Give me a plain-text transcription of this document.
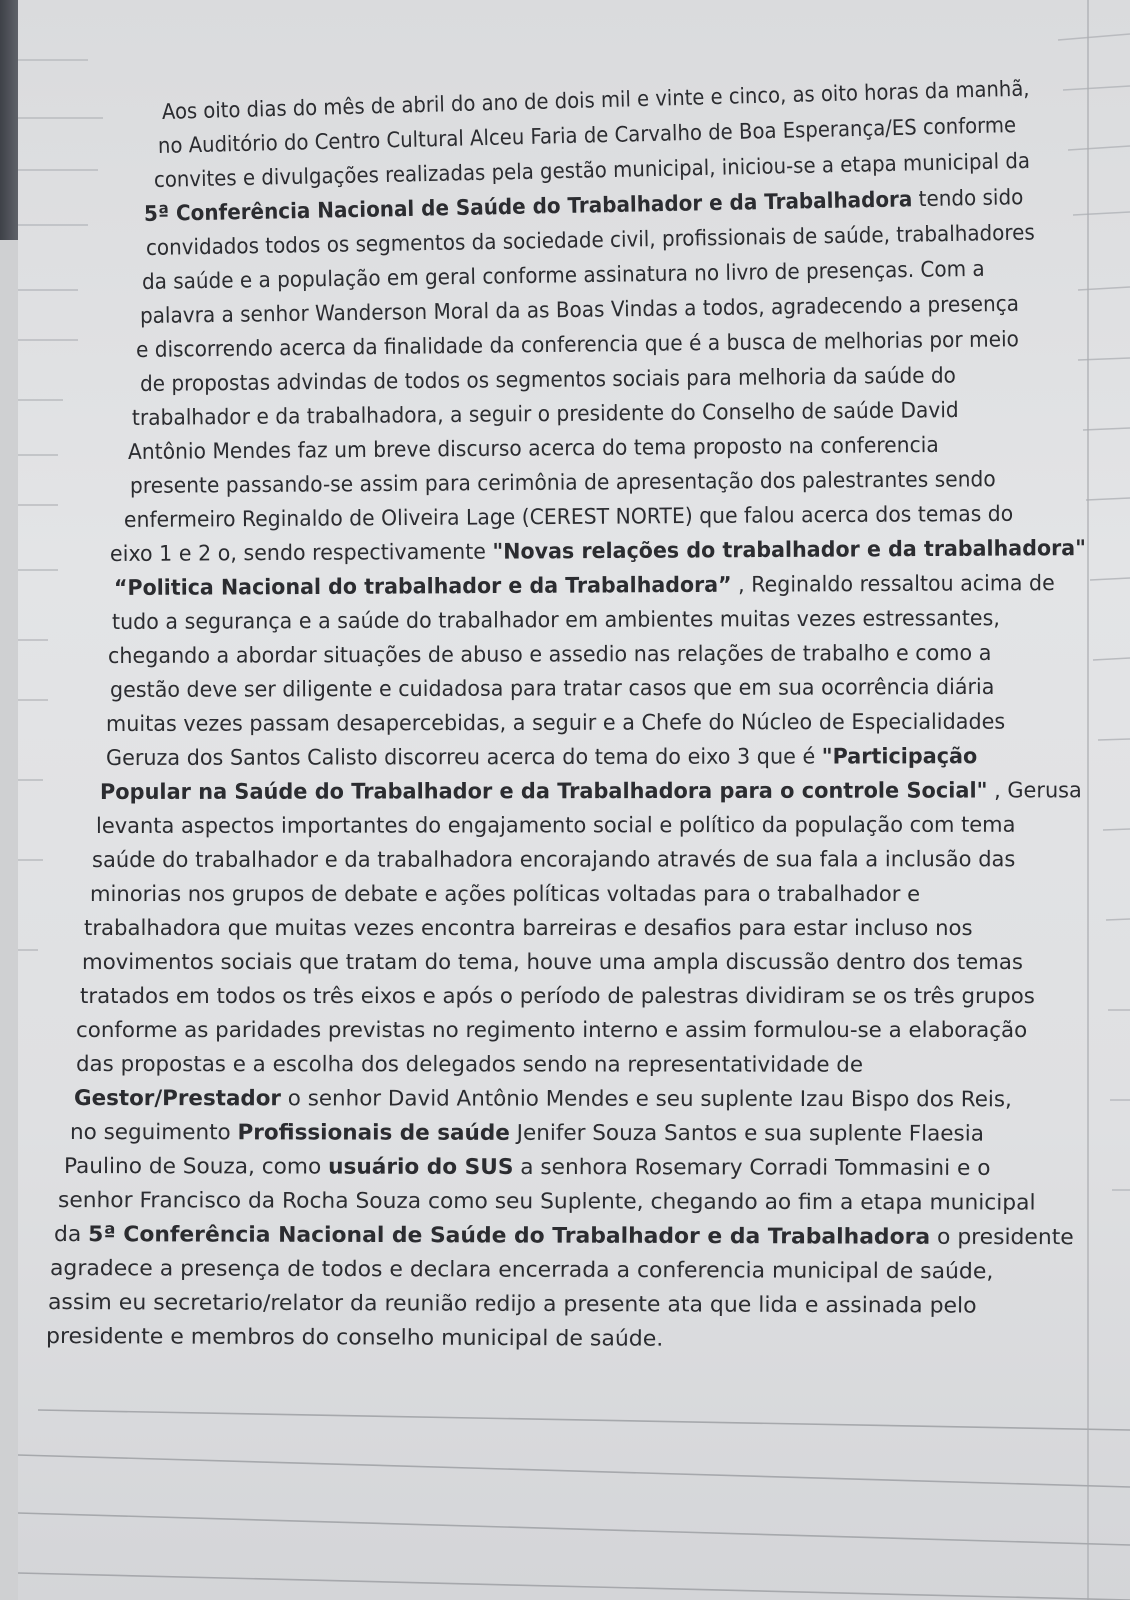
Aos oito dias do mês de abril do ano de dois mil e vinte e cinco, as oito horas da manhã,
no Auditório do Centro Cultural Alceu Faria de Carvalho de Boa Esperança/ES conforme
convites e divulgações realizadas pela gestão municipal, iniciou-se a etapa municipal da
5ª Conferência Nacional de Saúde do Trabalhador e da Trabalhadora tendo sido
convidados todos os segmentos da sociedade civil, profissionais de saúde, trabalhadores
da saúde e a população em geral conforme assinatura no livro de presenças. Com a
palavra a senhor Wanderson Moral da as Boas Vindas a todos, agradecendo a presença
e discorrendo acerca da finalidade da conferencia que é a busca de melhorias por meio
de propostas advindas de todos os segmentos sociais para melhoria da saúde do
trabalhador e da trabalhadora, a seguir o presidente do Conselho de saúde David
Antônio Mendes faz um breve discurso acerca do tema proposto na conferencia
presente passando-se assim para cerimônia de apresentação dos palestrantes sendo
enfermeiro Reginaldo de Oliveira Lage (CEREST NORTE) que falou acerca dos temas do
eixo 1 e 2 o, sendo respectivamente "Novas relações do trabalhador e da trabalhadora"
“Politica Nacional do trabalhador e da Trabalhadora” , Reginaldo ressaltou acima de
tudo a segurança e a saúde do trabalhador em ambientes muitas vezes estressantes,
chegando a abordar situações de abuso e assedio nas relações de trabalho e como a
gestão deve ser diligente e cuidadosa para tratar casos que em sua ocorrência diária
muitas vezes passam desapercebidas, a seguir e a Chefe do Núcleo de Especialidades
Geruza dos Santos Calisto discorreu acerca do tema do eixo 3 que é "Participação
Popular na Saúde do Trabalhador e da Trabalhadora para o controle Social" , Gerusa
levanta aspectos importantes do engajamento social e político da população com tema
saúde do trabalhador e da trabalhadora encorajando através de sua fala a inclusão das
minorias nos grupos de debate e ações políticas voltadas para o trabalhador e
trabalhadora que muitas vezes encontra barreiras e desafios para estar incluso nos
movimentos sociais que tratam do tema, houve uma ampla discussão dentro dos temas
tratados em todos os três eixos e após o período de palestras dividiram se os três grupos
conforme as paridades previstas no regimento interno e assim formulou-se a elaboração
das propostas e a escolha dos delegados sendo na representatividade de
Gestor/Prestador o senhor David Antônio Mendes e seu suplente Izau Bispo dos Reis,
no seguimento Profissionais de saúde Jenifer Souza Santos e sua suplente Flaesia
Paulino de Souza, como usuário do SUS a senhora Rosemary Corradi Tommasini e o
senhor Francisco da Rocha Souza como seu Suplente, chegando ao fim a etapa municipal
da 5ª Conferência Nacional de Saúde do Trabalhador e da Trabalhadora o presidente
agradece a presença de todos e declara encerrada a conferencia municipal de saúde,
assim eu secretario/relator da reunião redijo a presente ata que lida e assinada pelo
presidente e membros do conselho municipal de saúde.
